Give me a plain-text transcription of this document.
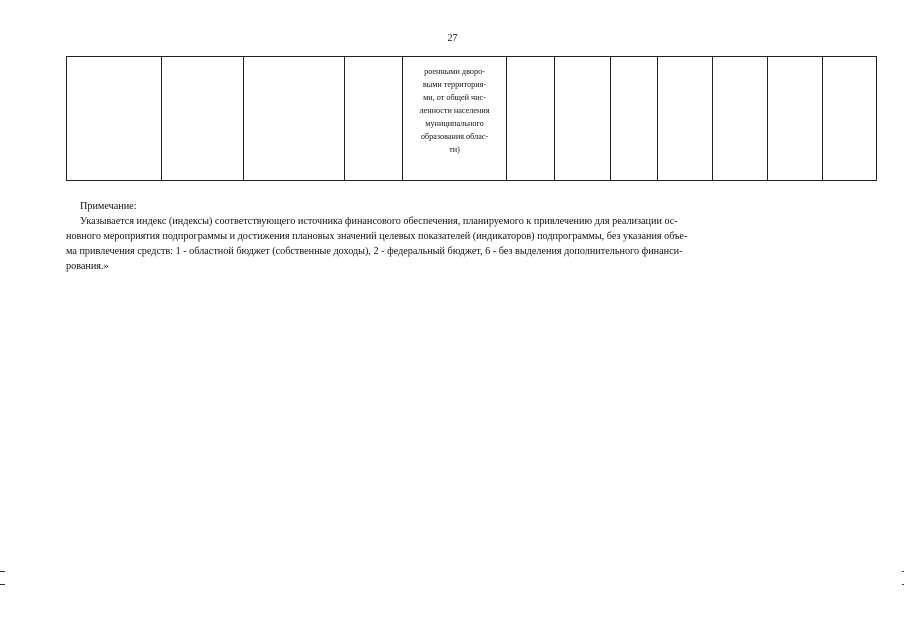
27
роенными дворо-
выми территория-
ми, от общей чис-
ленности населения
муниципального
образования облас-
ти)
Примечание:
Указывается индекс (индексы) соответствующего источника финансового обеспечения, планируемого к привлечению для реализации ос-
новного мероприятия подпрограммы и достижения плановых значений целевых показателей (индикаторов) подпрограммы, без указания объе-
ма привлечения средств: 1 - областной бюджет (собственные доходы), 2 - федеральный бюджет, 6 - без выделения дополнительного финанси-
рования.»
